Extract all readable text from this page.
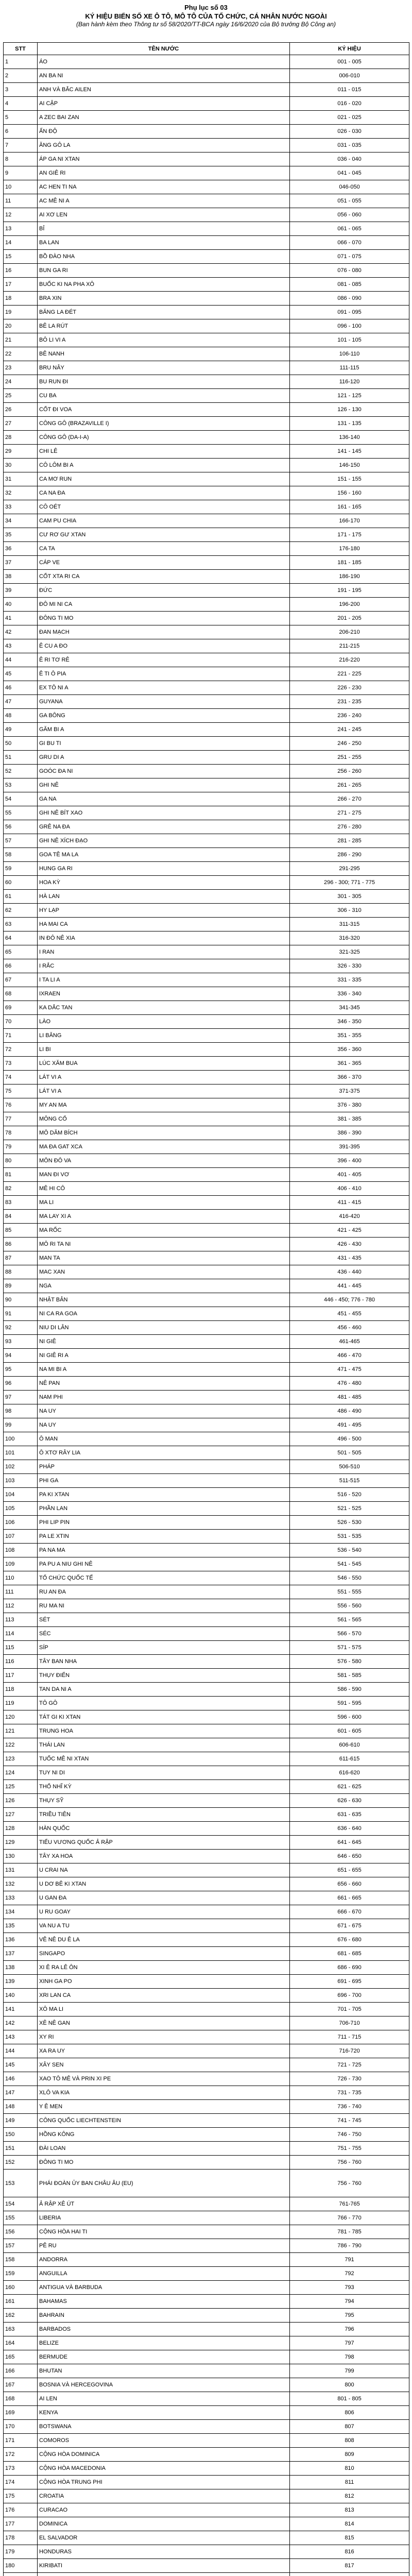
Phụ lục số 03
KÝ HIỆU BIỂN SỐ XE Ô TÔ, MÔ TÔ CỦA TỔ CHỨC, CÁ NHÂN NƯỚC NGOÀI
(Ban hành kèm theo Thông tư số 58/2020/TT-BCA ngày 16/6/2020 của Bộ trưởng Bộ Công an)
STT	TÊN NƯỚC	KÝ HIỆU
1	ÁO	001 - 005
2	AN BA NI	006-010
3	ANH VÀ BẮC AILEN	011 - 015
4	AI CẬP	016 - 020
5	A ZEC BAI ZAN	021 - 025
6	ẤN ĐỘ	026 - 030
7	ĂNG GÔ LA	031 - 035
8	ÁP GA NI XTAN	036 - 040
9	AN GIÊ RI	041 - 045
10	AC HEN TI NA	046-050
11	AC MÊ NI A	051 - 055
12	AI XƠ LEN	056 - 060
13	BỈ	061 - 065
14	BA LAN	066 - 070
15	BỒ ĐÀO NHA	071 - 075
16	BUN GA RI	076 - 080
17	BUỐC KI NA PHA XÔ	081 - 085
18	BRA XIN	086 - 090
19	BĂNG LA ĐÉT	091 - 095
20	BÊ LA RÚT	096 - 100
21	BÔ LI VI A	101 - 105
22	BÊ NANH	106-110
23	BRU NÂY	111-115
24	BU RUN ĐI	116-120
25	CU BA	121 - 125
26	CỐT ĐI VOA	126 - 130
27	CÔNG GÔ (BRAZAVILLE I)	131 - 135
28	CÔNG GÔ (DA-I-A)	136-140
29	CHI LÊ	141 - 145
30	CÔ LÔM BI A	146-150
31	CA MƠ RUN	151 - 155
32	CA NA ĐA	156 - 160
33	CÔ OÉT	161 - 165
34	CAM PU CHIA	166-170
35	CƯ RƠ GƯ XTAN	171 - 175
36	CA TA	176-180
37	CÁP VE	181 - 185
38	CỐT XTA RI CA	186-190
39	ĐỨC	191 - 195
40	ĐÔ MI NI CA	196-200
41	ĐÔNG TI MO	201 - 205
42	ĐAN MẠCH	206-210
43	Ê CU A ĐO	211-215
44	Ê RI TƠ RÊ	216-220
45	Ê TI Ô PIA	221 - 225
46	EX TÔ NI A	226 - 230
47	GUYANA	231 - 235
48	GA BÔNG	236 - 240
49	GĂM BI A	241 - 245
50	GI BU TI	246 - 250
51	GRU DI A	251 - 255
52	GOÓC ĐA NI	256 - 260
53	GHI NÊ	261 - 265
54	GA NA	266 - 270
55	GHI NÊ BÍT XAO	271 - 275
56	GRÊ NA ĐA	276 - 280
57	GHI NÊ XÍCH ĐẠO	281 - 285
58	GOA TÊ MA LA	286 - 290
59	HUNG GA RI	291-295
60	HOA KỲ	296 - 300; 771 - 775
61	HÀ LAN	301 - 305
62	HY LẠP	306 - 310
63	HA MAI CA	311-315
64	IN ĐÔ NÊ XIA	316-320
65	I RAN	321-325
66	I RẮC	326 - 330
67	I TA LI A	331 - 335
68	IXRAEN	336 - 340
69	KA DẮC TAN	341-345
70	LÀO	346 - 350
71	LI BĂNG	351 - 355
72	LI BI	356 - 360
73	LÚC XĂM BUA	361 - 365
74	LÁT VI A	366 - 370
75	LÁT VI A	371-375
76	MY AN MA	376 - 380
77	MÔNG CỔ	381 - 385
78	MÔ DĂM BÍCH	386 - 390
79	MA ĐA GAT XCA	391-395
80	MÔN ĐÔ VA	396 - 400
81	MAN ĐI VƠ	401 - 405
82	MÊ HI CÔ	406 - 410
83	MA LI	411 - 415
84	MA LAY XI A	416-420
85	MA RỐC	421 - 425
86	MÔ RI TA NI	426 - 430
87	MAN TA	431 - 435
88	MAC XAN	436 - 440
89	NGA	441 - 445
90	NHẬT BẢN	446 - 450; 776 - 780
91	NI CA RA GOA	451 - 455
92	NIU DI LÂN	456 - 460
93	NI GIÊ	461-465
94	NI GIÊ RI A	466 - 470
95	NA MI BI A	471 - 475
96	NÊ PAN	476 - 480
97	NAM PHI	481 - 485
98	NA UY	486 - 490
99	NA UY	491 - 495
100	Ô MAN	496 - 500
101	Ô XTƠ RÂY LIA	501 - 505
102	PHÁP	506-510
103	PHI GA	511-515
104	PA KI XTAN	516 - 520
105	PHẦN LAN	521 - 525
106	PHI LIP PIN	526 - 530
107	PA LE XTIN	531 - 535
108	PA NA MA	536 - 540
109	PA PU A NIU GHI NÊ	541 - 545
110	TỔ CHỨC QUỐC TẾ	546 - 550
111	RU AN ĐA	551 - 555
112	RU MA NI	556 - 560
113	SÉT	561 - 565
114	SÉC	566 - 570
115	SÍP	571 - 575
116	TÂY BAN NHA	576 - 580
117	THỤY ĐIỂN	581 - 585
118	TAN DA NI A	586 - 590
119	TÔ GÔ	591 - 595
120	TÁT GI KI XTAN	596 - 600
121	TRUNG HOA	601 - 605
122	THÁI LAN	606-610
123	TUỐC MÊ NI XTAN	611-615
124	TUY NI DI	616-620
125	THỔ NHĨ KỲ	621 - 625
126	THỤY SỸ	626 - 630
127	TRIỀU TIÊN	631 - 635
128	HÀN QUỐC	636 - 640
129	TIỂU VƯƠNG QUỐC Ả RẬP	641 - 645
130	TÂY XA HOA	646 - 650
131	U CRAI NA	651 - 655
132	U DƠ BÊ KI XTAN	656 - 660
133	U GAN ĐA	661 - 665
134	U RU GOAY	666 - 670
135	VA NU A TU	671 - 675
136	VÊ NÊ DU Ê LA	676 - 680
137	SINGAPO	681 - 685
138	XI Ê RA LÊ ÔN	686 - 690
139	XINH GA PO	691 - 695
140	XRI LAN CA	696 - 700
141	XÔ MA LI	701 - 705
142	XÊ NÊ GAN	706-710
143	XY RI	711 - 715
144	XA RA UY	716-720
145	XÂY SEN	721 - 725
146	XAO TÔ MÊ VÀ PRIN XI PE	726 - 730
147	XLÔ VA KIA	731 - 735
148	Y Ê MEN	736 - 740
149	CÔNG QUỐC LIECHTENSTEIN	741 - 745
150	HỒNG KÔNG	746 - 750
151	ĐÀI LOAN	751 - 755
152	ĐÔNG TI MO	756 - 760
153	PHÁI ĐOÀN ỦY BAN CHÂU ÂU (EU)	756 - 760
154	Ả RẬP XÊ ÚT	761-765
155	LIBERIA	766 - 770
156	CỘNG HÒA HAI TI	781 - 785
157	PÊ RU	786 - 790
158	ANDORRA	791
159	ANGUILLA	792
160	ANTIGUA VÀ BARBUDA	793
161	BAHAMAS	794
162	BAHRAIN	795
163	BARBADOS	796
164	BELIZE	797
165	BERMUDE	798
166	BHUTAN	799
167	BOSNIA VÀ HERCEGOVINA	800
168	AI LEN	801 - 805
169	KENYA	806
170	BOTSWANA	807
171	COMOROS	808
172	CỘNG HÒA DOMINICA	809
173	CỘNG HÒA MACEDONIA	810
174	CỘNG HÒA TRUNG PHI	811
175	CROATIA	812
176	CURACAO	813
177	DOMINICA	814
178	EL SALVADOR	815
179	HONDURAS	816
180	KIRIBATI	817
